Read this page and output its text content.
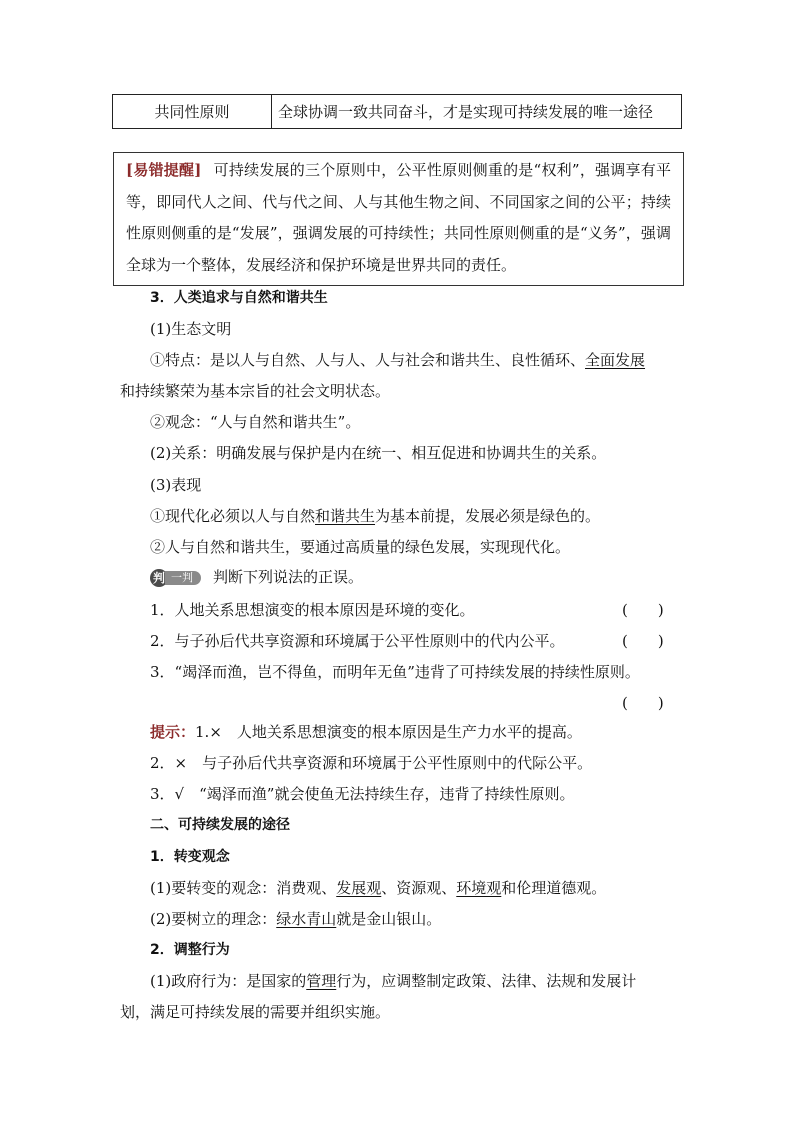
共同性原则	全球协调一致共同奋斗，才是实现可持续发展的唯一途径
[易错提醒] 可持续发展的三个原则中，公平性原则侧重的是“权利”，强调享有平等，即同代人之间、代与代之间、人与其他生物之间、不同国家之间的公平；持续性原则侧重的是“发展”，强调发展的可持续性；共同性原则侧重的是“义务”，强调全球为一个整体，发展经济和保护环境是世界共同的责任。
3．人类追求与自然和谐共生
(1)生态文明
①特点：是以人与自然、人与人、人与社会和谐共生、良性循环、全面发展
和持续繁荣为基本宗旨的社会文明状态。
②观念：“人与自然和谐共生”。
(2)关系：明确发展与保护是内在统一、相互促进和协调共生的关系。
(3)表现
①现代化必须以人与自然和谐共生为基本前提，发展必须是绿色的。
②人与自然和谐共生，要通过高质量的绿色发展，实现现代化。
判 一判	判断下列说法的正误。
1．人地关系思想演变的根本原因是环境的变化。	(　　)
2．与子孙后代共享资源和环境属于公平性原则中的代内公平。	(　　)
3．“竭泽而渔，岂不得鱼，而明年无鱼”违背了可持续发展的持续性原则。
(　　)
提示：1.×　人地关系思想演变的根本原因是生产力水平的提高。
2．×　与子孙后代共享资源和环境属于公平性原则中的代际公平。
3．√　“竭泽而渔”就会使鱼无法持续生存，违背了持续性原则。
二、可持续发展的途径
1．转变观念
(1)要转变的观念：消费观、发展观、资源观、环境观和伦理道德观。
(2)要树立的理念：绿水青山就是金山银山。
2．调整行为
(1)政府行为：是国家的管理行为，应调整制定政策、法律、法规和发展计
划，满足可持续发展的需要并组织实施。
